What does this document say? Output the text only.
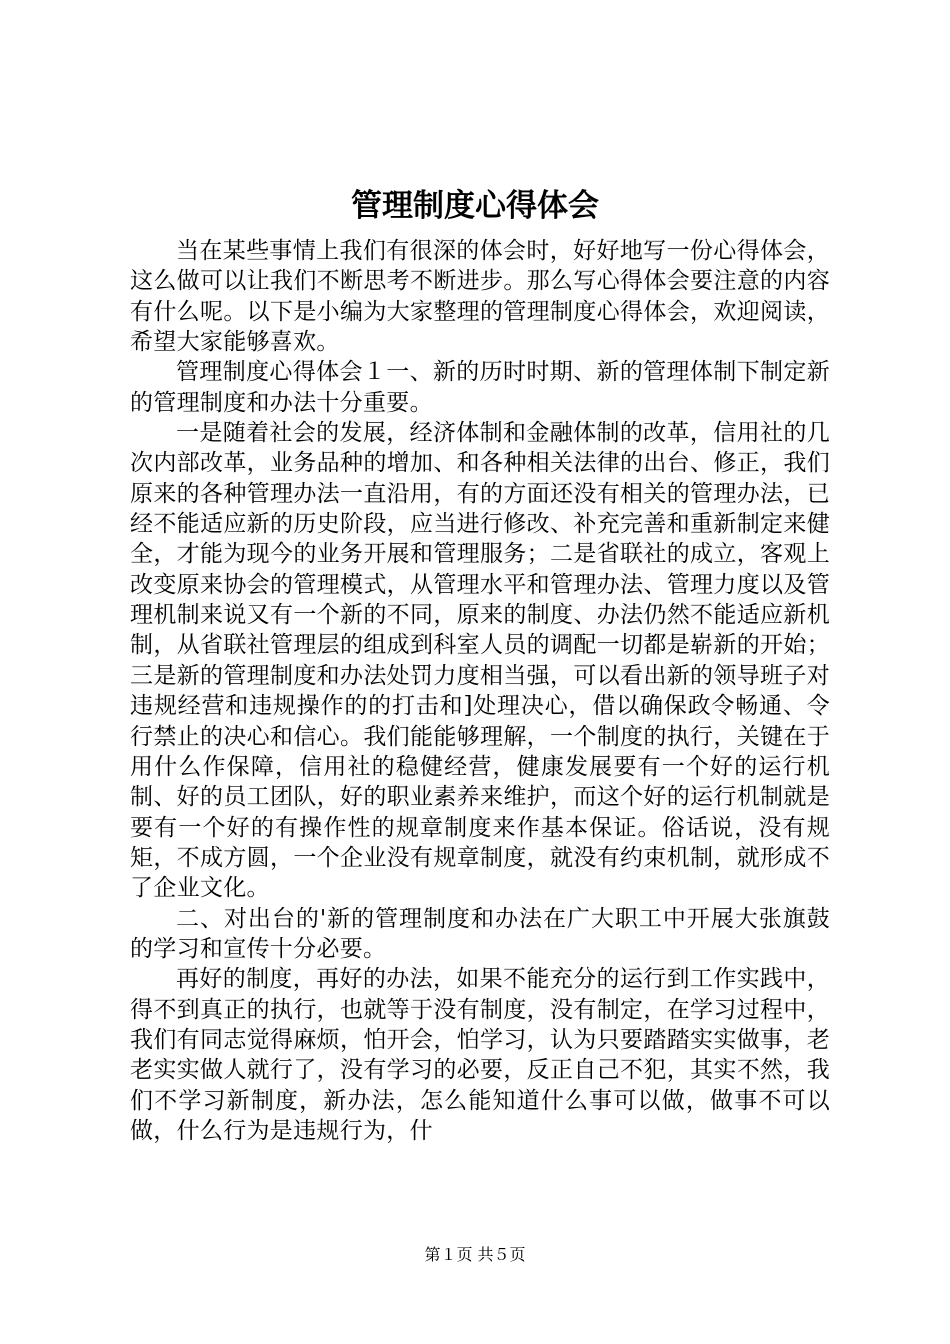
管理制度心得体会

当在某些事情上我们有很深的体会时，好好地写一份心得体会，这么做可以让我们不断思考不断进步。那么写心得体会要注意的内容有什么呢。以下是小编为大家整理的管理制度心得体会，欢迎阅读，希望大家能够喜欢。

管理制度心得体会１一、新的历时时期、新的管理体制下制定新的管理制度和办法十分重要。

一是随着社会的发展，经济体制和金融体制的改革，信用社的几次内部改革，业务品种的增加、和各种相关法律的出台、修正，我们原来的各种管理办法一直沿用，有的方面还没有相关的管理办法，已经不能适应新的历史阶段，应当进行修改、补充完善和重新制定来健全，才能为现今的业务开展和管理服务；二是省联社的成立，客观上改变原来协会的管理模式，从管理水平和管理办法、管理力度以及管理机制来说又有一个新的不同，原来的制度、办法仍然不能适应新机制，从省联社管理层的组成到科室人员的调配一切都是崭新的开始；三是新的管理制度和办法处罚力度相当强，可以看出新的领导班子对违规经营和违规操作的的打击和]处理决心，借以确保政令畅通、令行禁止的决心和信心。我们能能够理解，一个制度的执行，关键在于用什么作保障，信用社的稳健经营，健康发展要有一个好的运行机制、好的员工团队，好的职业素养来维护，而这个好的运行机制就是要有一个好的有操作性的规章制度来作基本保证。俗话说，没有规矩，不成方圆，一个企业没有规章制度，就没有约束机制，就形成不了企业文化。

二、对出台的'新的管理制度和办法在广大职工中开展大张旗鼓的学习和宣传十分必要。

再好的制度，再好的办法，如果不能充分的运行到工作实践中，得不到真正的执行，也就等于没有制度，没有制定，在学习过程中，我们有同志觉得麻烦，怕开会，怕学习，认为只要踏踏实实做事，老老实实做人就行了，没有学习的必要，反正自己不犯，其实不然，我们不学习新制度，新办法，怎么能知道什么事可以做，做事不可以做，什么行为是违规行为，什

第１页 共５页
